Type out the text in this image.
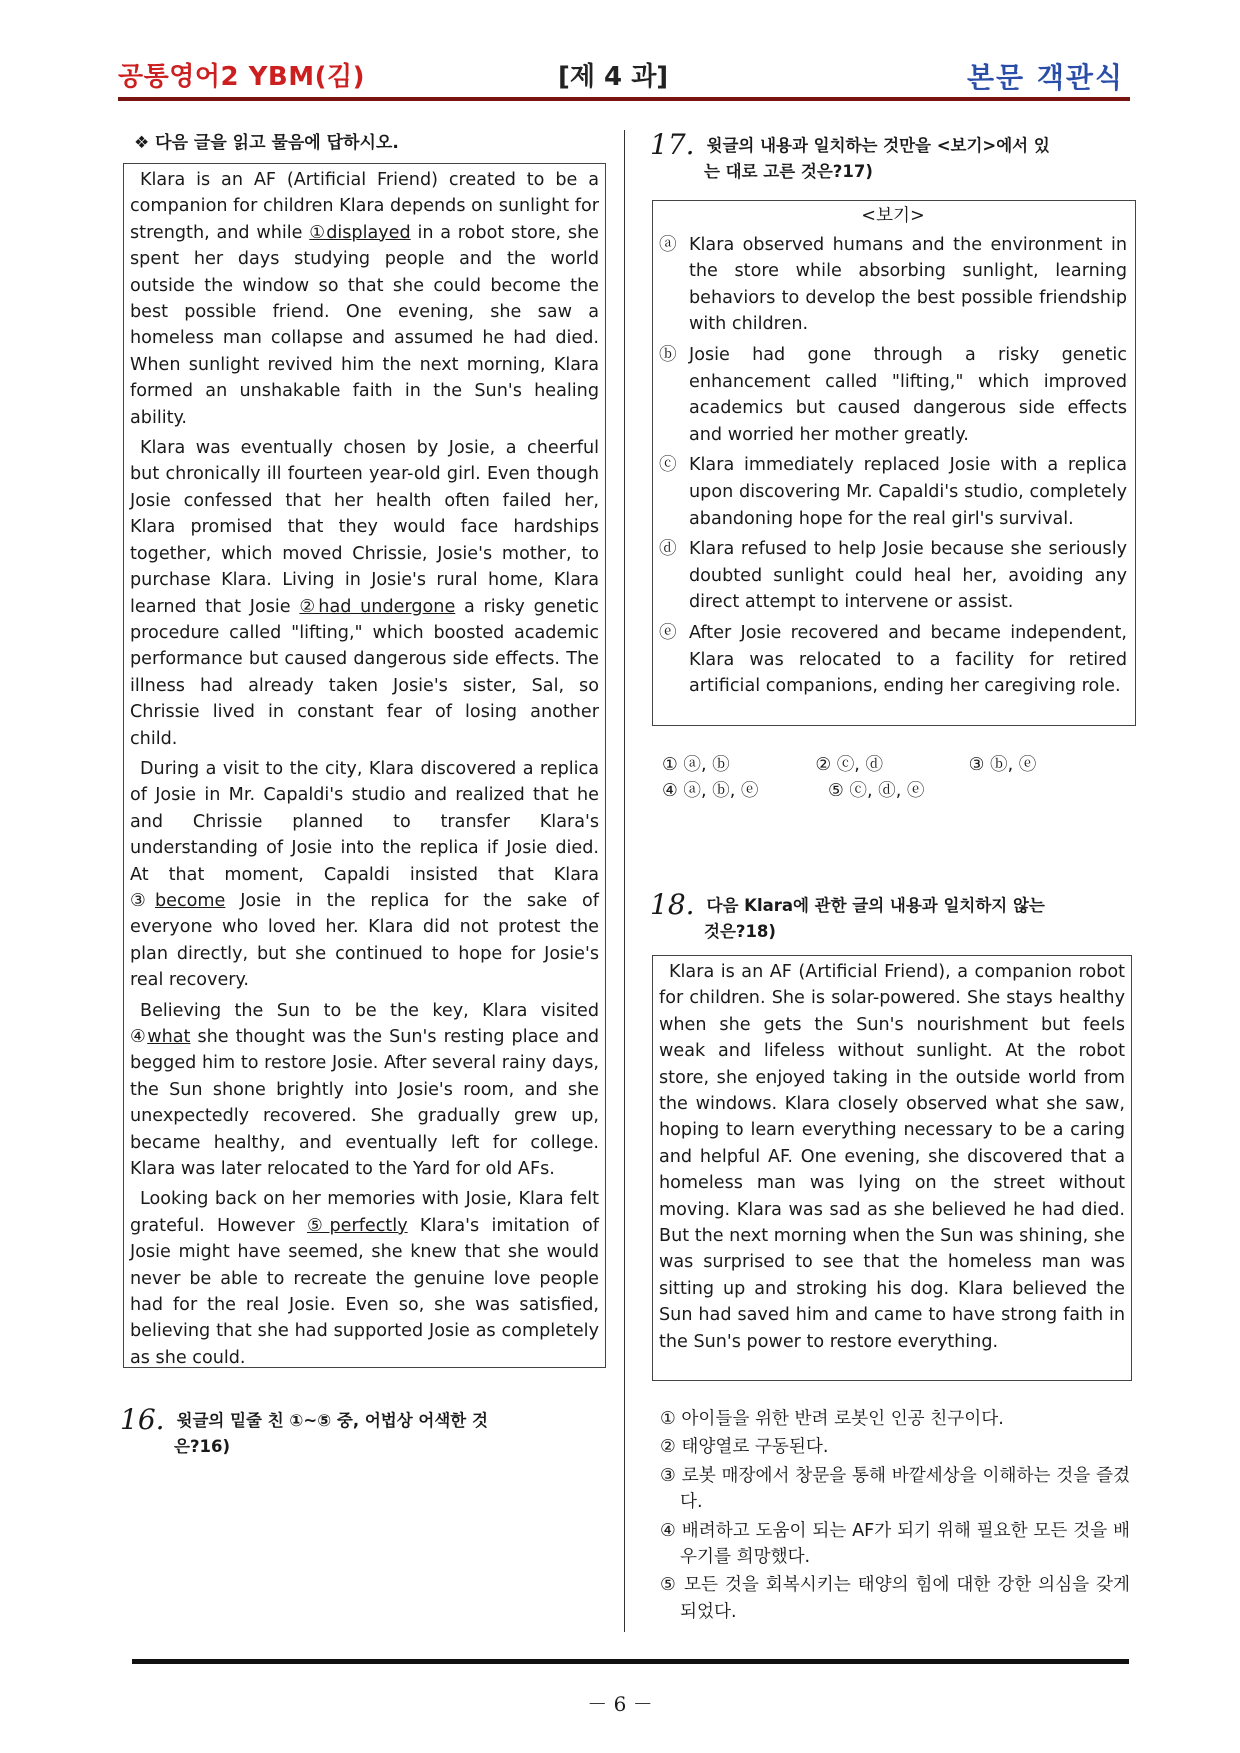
공통영어2 YBM(김)	[제 4 과]	본문 객관식
❖ 다음 글을 읽고 물음에 답하시오.

Klara is an AF (Artificial Friend) created to be a companion for children Klara depends on sunlight for strength, and while ①displayed in a robot store, she spent her days studying people and the world outside the window so that she could become the best possible friend. One evening, she saw a homeless man collapse and assumed he had died. When sunlight revived him the next morning, Klara formed an unshakable faith in the Sun's healing ability.

Klara was eventually chosen by Josie, a cheerful but chronically ill fourteen year-old girl. Even though Josie confessed that her health often failed her, Klara promised that they would face hardships together, which moved Chrissie, Josie's mother, to purchase Klara. Living in Josie's rural home, Klara learned that Josie ②had undergone a risky genetic procedure called "lifting," which boosted academic performance but caused dangerous side effects. The illness had already taken Josie's sister, Sal, so Chrissie lived in constant fear of losing another child.

During a visit to the city, Klara discovered a replica of Josie in Mr. Capaldi's studio and realized that he and Chrissie planned to transfer Klara's understanding of Josie into the replica if Josie died. At that moment, Capaldi insisted that Klara ③become Josie in the replica for the sake of everyone who loved her. Klara did not protest the plan directly, but she continued to hope for Josie's real recovery.

Believing the Sun to be the key, Klara visited ④what she thought was the Sun's resting place and begged him to restore Josie. After several rainy days, the Sun shone brightly into Josie's room, and she unexpectedly recovered. She gradually grew up, became healthy, and eventually left for college. Klara was later relocated to the Yard for old AFs.

Looking back on her memories with Josie, Klara felt grateful. However ⑤perfectly Klara's imitation of Josie might have seemed, she knew that she would never be able to recreate the genuine love people had for the real Josie. Even so, she was satisfied, believing that she had supported Josie as completely as she could.

16. 윗글의 밑줄 친 ①~⑤ 중, 어법상 어색한 것
은?16)
17. 윗글의 내용과 일치하는 것만을 <보기>에서 있
는 대로 고른 것은?17)
<보기>
ⓐ Klara observed humans and the environment in the store while absorbing sunlight, learning behaviors to develop the best possible friendship with children.
ⓑ Josie had gone through a risky genetic enhancement called "lifting," which improved academics but caused dangerous side effects and worried her mother greatly.
ⓒ Klara immediately replaced Josie with a replica upon discovering Mr. Capaldi's studio, completely abandoning hope for the real girl's survival.
ⓓ Klara refused to help Josie because she seriously doubted sunlight could heal her, avoiding any direct attempt to intervene or assist.
ⓔ After Josie recovered and became independent, Klara was relocated to a facility for retired artificial companions, ending her caregiving role.
① ⓐ, ⓑ	② ⓒ, ⓓ	③ ⓑ, ⓔ
④ ⓐ, ⓑ, ⓔ	⑤ ⓒ, ⓓ, ⓔ
18. 다음 Klara에 관한 글의 내용과 일치하지 않는
것은?18)

Klara is an AF (Artificial Friend), a companion robot for children. She is solar-powered. She stays healthy when she gets the Sun's nourishment but feels weak and lifeless without sunlight. At the robot store, she enjoyed taking in the outside world from the windows. Klara closely observed what she saw, hoping to learn everything necessary to be a caring and helpful AF. One evening, she discovered that a homeless man was lying on the street without moving. Klara was sad as she believed he had died. But the next morning when the Sun was shining, she was surprised to see that the homeless man was sitting up and stroking his dog. Klara believed the Sun had saved him and came to have strong faith in the Sun's power to restore everything.

① 아이들을 위한 반려 로봇인 인공 친구이다.
② 태양열로 구동된다.
③ 로봇 매장에서 창문을 통해 바깥세상을 이해하는 것을 즐겼다.
④ 배려하고 도움이 되는 AF가 되기 위해 필요한 모든 것을 배우기를 희망했다.
⑤ 모든 것을 회복시키는 태양의 힘에 대한 강한 의심을 갖게 되었다.
－ 6 －
